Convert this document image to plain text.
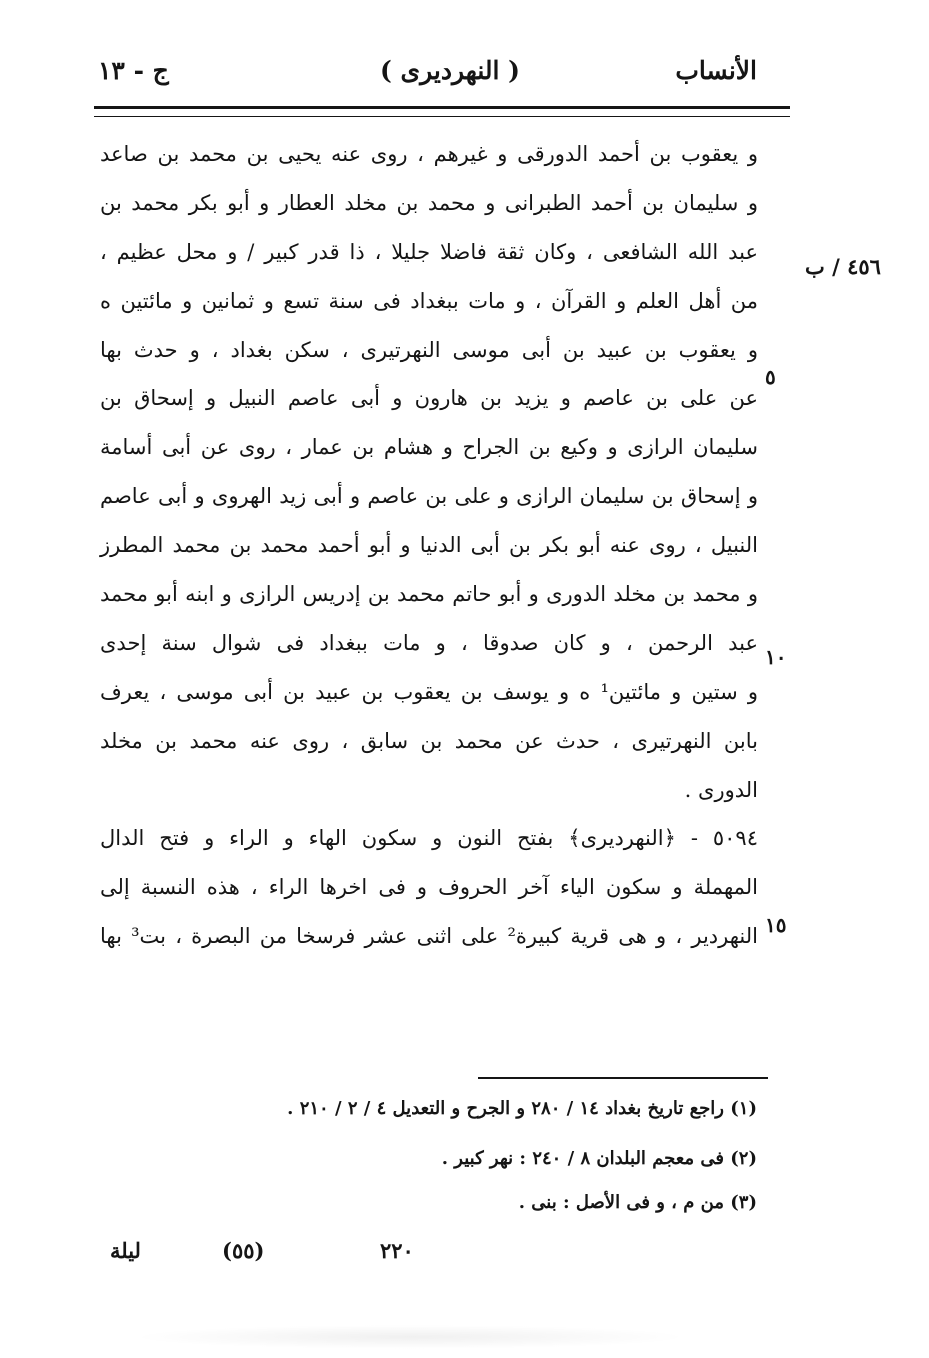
الأنساب
( النهرديرى )
ج - ١٣
٤٥٦ / ب
و يعقوب بن أحمد الدورقى و غيرهم ، روى عنه يحيى بن محمد بن صاعد
و سليمان بن أحمد الطبرانى و محمد بن مخلد العطار و أبو بكر محمد بن
عبد الله الشافعى ، وكان ثقة فاضلا جليلا ، ذا قدر كبير / و محل عظيم ،
من أهل العلم و القرآن ، و مات ببغداد فى سنة تسع و ثمانين و مائتين ه
و يعقوب بن عبيد بن أبى موسى النهرتيرى ، سكن بغداد ، و حدث بها
عن على بن عاصم و يزيد بن هارون و أبى عاصم النبيل و إسحاق بن
سليمان الرازى و وكيع بن الجراح و هشام بن عمار ، روى عن أبى أسامة
و إسحاق بن سليمان الرازى و على بن عاصم و أبى زيد الهروى و أبى عاصم
النبيل ، روى عنه أبو بكر بن أبى الدنيا و أبو أحمد محمد بن محمد المطرز
و محمد بن مخلد الدورى و أبو حاتم محمد بن إدريس الرازى و ابنه أبو محمد
عبد الرحمن ، و كان صدوقا ، و مات ببغداد فى شوال سنة إحدى
و ستين و مائتين¹ ه و يوسف بن يعقوب بن عبيد بن أبى موسى ، يعرف
بابن النهرتيرى ، حدث عن محمد بن سابق ، روى عنه محمد بن مخلد
الدورى .
٥٠٩٤ - ﴿النهرديرى﴾ بفتح النون و سكون الهاء و الراء و فتح الدال
المهملة و سكون الياء آخر الحروف و فى اخرها الراء ، هذه النسبة إلى
النهردير ، و هى قرية كبيرة² على اثنى عشر فرسخا من البصرة ، بت³ بها
٥
١٠
١٥
(١) راجع تاريخ بغداد ١٤ / ٢٨٠ و الجرح و التعديل ٤ / ٢ / ٢١٠ .
(٢) فى معجم البلدان ٨ / ٢٤٠ : نهر كبير .
(٣) من م ، و فى الأصل : بنى .
٢٢٠
(٥٥)
ليلة
